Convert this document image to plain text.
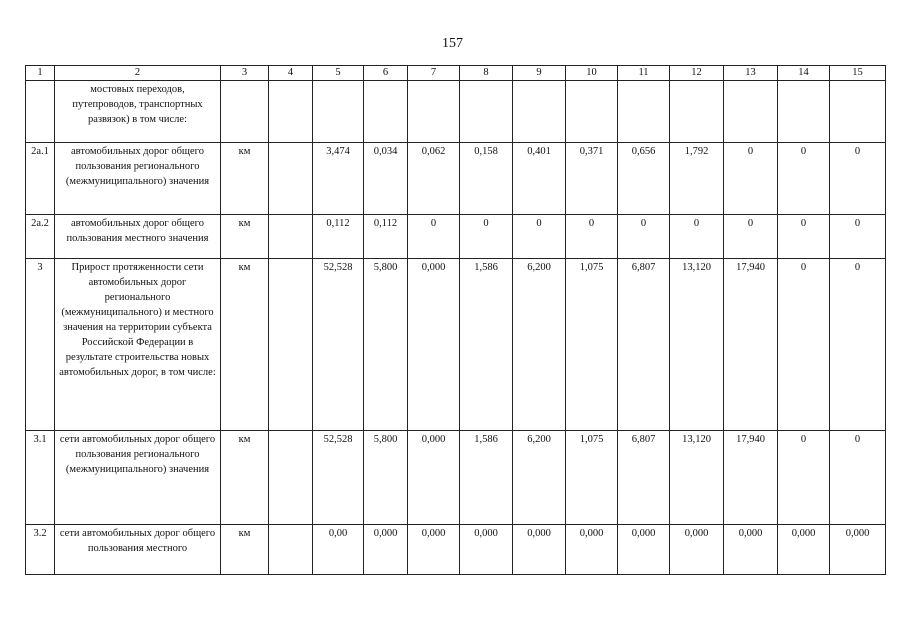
157
1	2	3	4	5	6	7	8	9	10	11	12	13	14	15
	мостовых переходов, путепроводов, транспортных развязок) в том числе:													
2а.1	автомобильных дорог общего пользования регионального (межмуниципального) значения	км		3,474	0,034	0,062	0,158	0,401	0,371	0,656	1,792	0	0	0
2а.2	автомобильных дорог общего пользования местного значения	км		0,112	0,112	0	0	0	0	0	0	0	0	0
3	Прирост протяженности сети автомобильных дорог регионального (межмуниципального) и местного значения на территории субъекта Российской Федерации в результате строительства новых автомобильных дорог, в том числе:	км		52,528	5,800	0,000	1,586	6,200	1,075	6,807	13,120	17,940	0	0
3.1	сети автомобильных дорог общего пользования регионального (межмуниципального) значения	км		52,528	5,800	0,000	1,586	6,200	1,075	6,807	13,120	17,940	0	0
3.2	сети автомобильных дорог общего пользования местного	км		0,00	0,000	0,000	0,000	0,000	0,000	0,000	0,000	0,000	0,000	0,000
